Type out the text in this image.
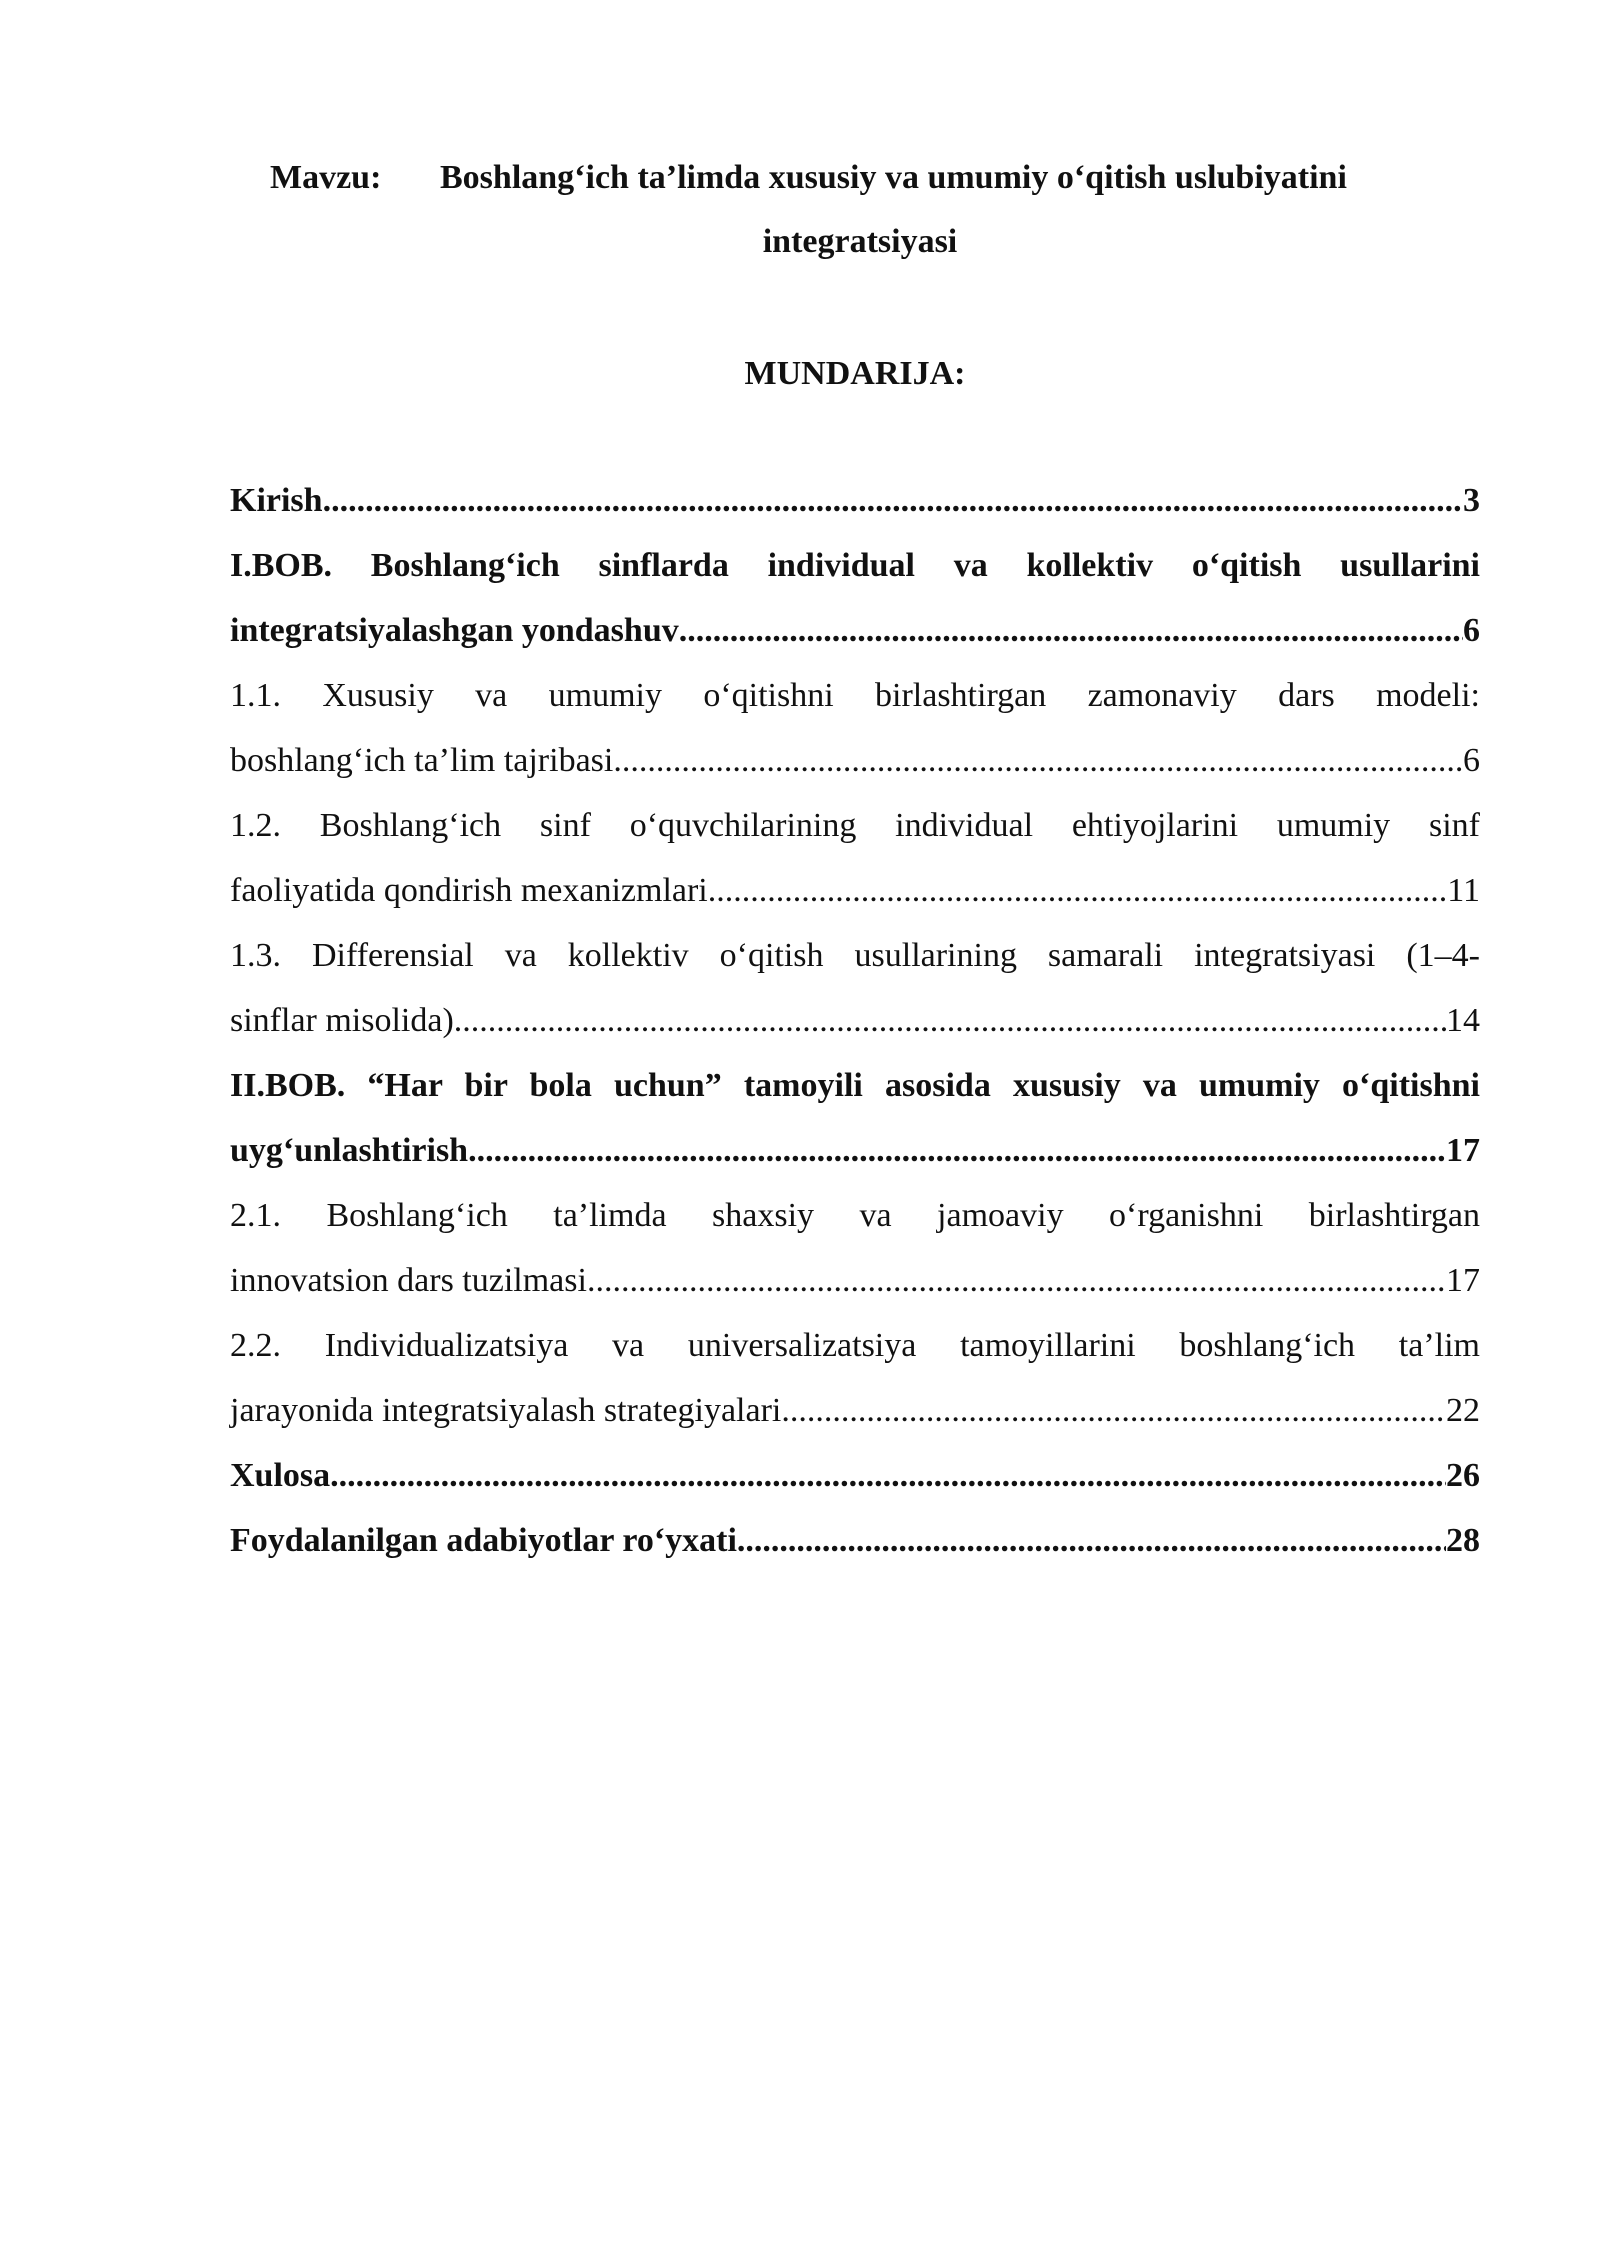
Mavzu: Boshlang‘ich ta’limda xususiy va umumiy o‘qitish uslubiyatini
integratsiyasi
MUNDARIJA:
Kirish .....	3
I.BOB. Boshlang‘ich sinflarda individual va kollektiv o‘qitish usullarini
integratsiyalashgan yondashuv .....	6
1.1. Xususiy va umumiy o‘qitishni birlashtirgan zamonaviy dars modeli:
boshlang‘ich ta’lim tajribasi .....	6
1.2. Boshlang‘ich sinf o‘quvchilarining individual ehtiyojlarini umumiy sinf
faoliyatida qondirish mexanizmlari .....	11
1.3. Differensial va kollektiv o‘qitish usullarining samarali integratsiyasi (1–4-
sinflar misolida) .....	14
II.BOB. “Har bir bola uchun” tamoyili asosida xususiy va umumiy o‘qitishni
uyg‘unlashtirish .....	17
2.1. Boshlang‘ich ta’limda shaxsiy va jamoaviy o‘rganishni birlashtirgan
innovatsion dars tuzilmasi .....	17
2.2. Individualizatsiya va universalizatsiya tamoyillarini boshlang‘ich ta’lim
jarayonida integratsiyalash strategiyalari .....	22
Xulosa .....	26
Foydalanilgan adabiyotlar ro‘yxati .....	28
